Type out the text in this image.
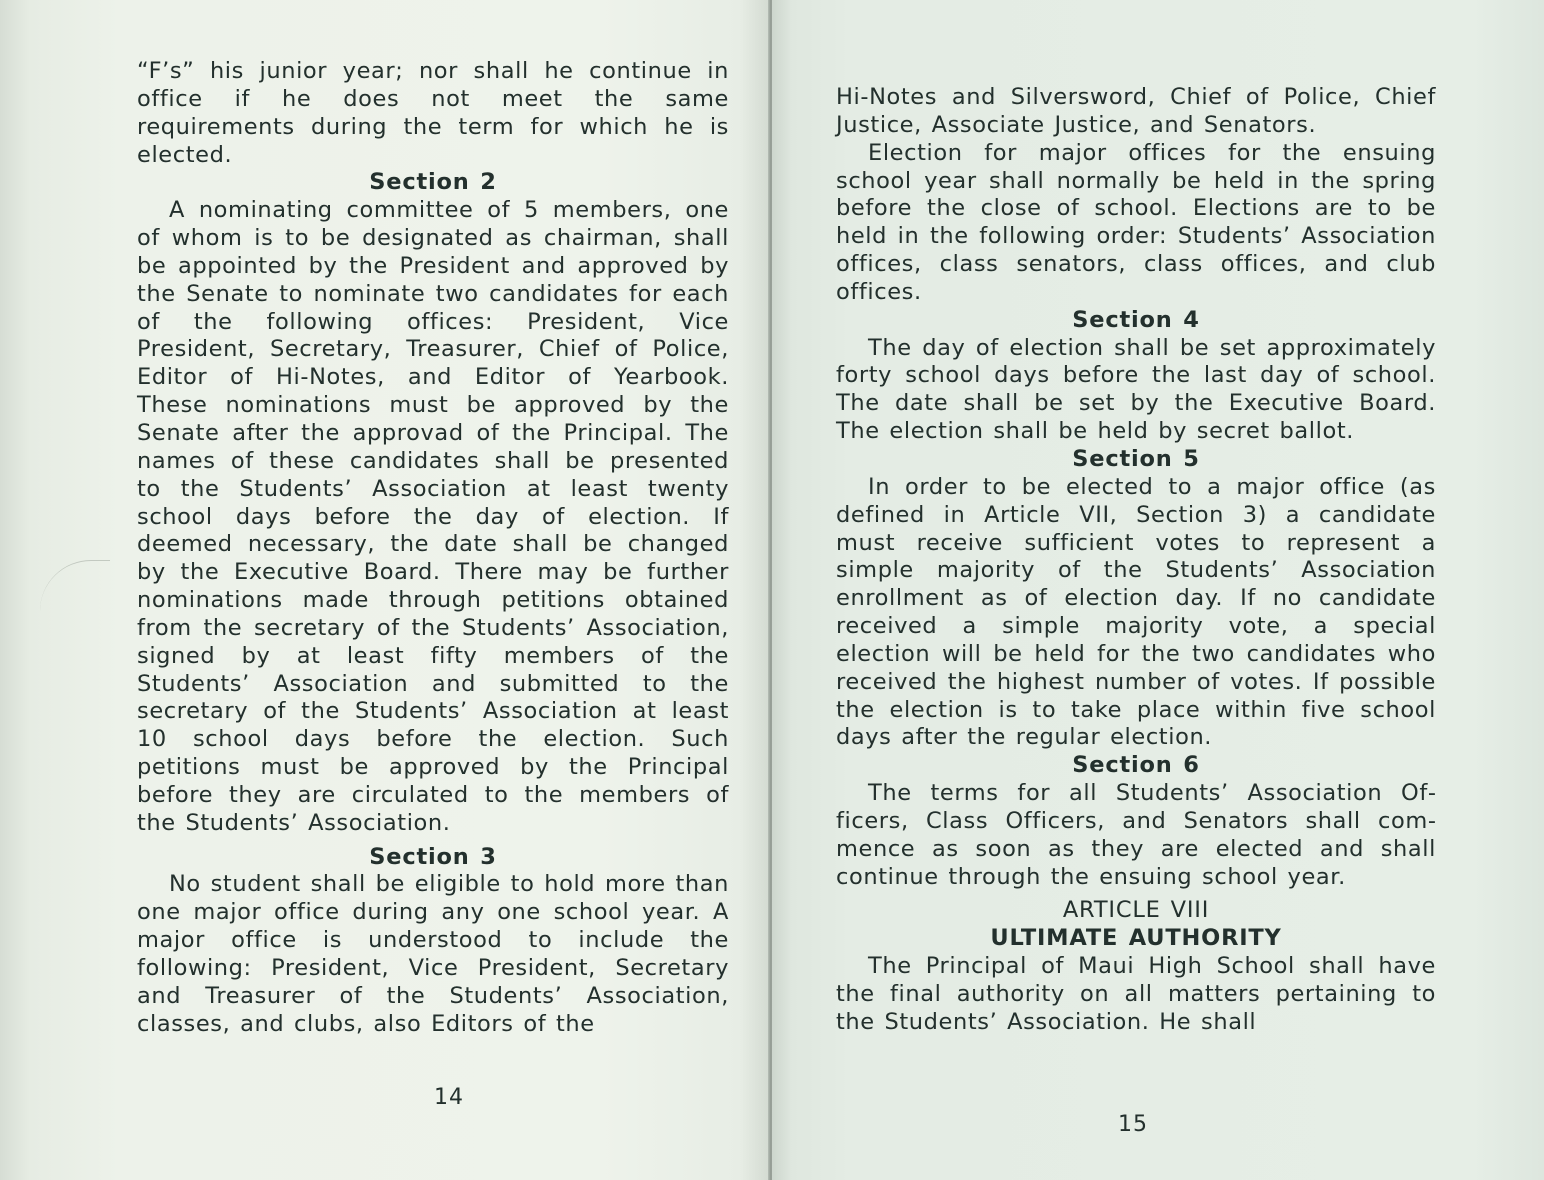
“F’s” his junior year; nor shall he continue in office if he does not meet the same requirements during the term for which he is elected.

Section 2

A nominating committee of 5 members, one of whom is to be designated as chairman, shall be appointed by the President and approved by the Senate to nominate two candidates for each of the following offices: President, Vice President, Secretary, Treasurer, Chief of Police, Editor of Hi-Notes, and Editor of Yearbook. These nominations must be approved by the Senate after the approvad of the Principal. The names of these candidates shall be presented to the Students’ Association at least twenty school days before the day of election. If deemed necessary, the date shall be changed by the Executive Board. There may be further nominations made through petitions obtained from the secretary of the Students’ Association, signed by at least fifty members of the Students’ Association and submitted to the secretary of the Students’ Association at least 10 school days before the election. Such petitions must be approved by the Principal before they are circulated to the members of the Students’ Association.

Section 3

No student shall be eligible to hold more than one major office during any one school year. A major office is understood to include the following: President, Vice President, Secretary and Treasurer of the Students’ Association, classes, and clubs, also Editors of the

14

Hi-Notes and Silversword, Chief of Police, Chief Justice, Associate Justice, and Senators.

Election for major offices for the ensuing school year shall normally be held in the spring before the close of school. Elections are to be held in the following order: Students’ Association offices, class senators, class offices, and club offices.

Section 4

The day of election shall be set approximately forty school days before the last day of school. The date shall be set by the Executive Board. The election shall be held by secret ballot.

Section 5

In order to be elected to a major office (as defined in Article VII, Section 3) a candidate must receive sufficient votes to represent a simple majority of the Students’ Association enrollment as of election day. If no candidate received a simple majority vote, a special election will be held for the two candidates who received the highest number of votes. If possible the election is to take place within five school days after the regular election.

Section 6

The terms for all Students’ Association Officers, Class Officers, and Senators shall commence as soon as they are elected and shall continue through the ensuing school year.

ARTICLE VIII

ULTIMATE AUTHORITY

The Principal of Maui High School shall have the final authority on all matters pertaining to the Students’ Association. He shall

15
